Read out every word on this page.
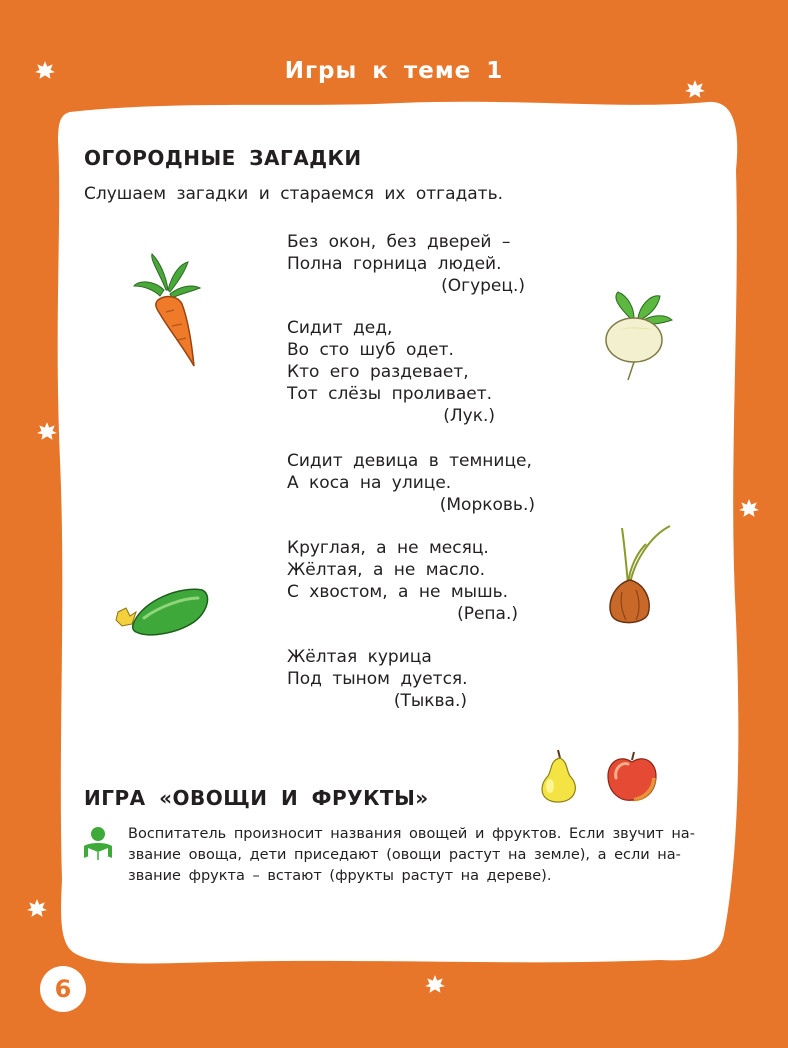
Игры к теме 1
ОГОРОДНЫЕ ЗАГАДКИ
Слушаем загадки и стараемся их отгадать.
Без окон, без дверей –
Полна горница людей.
(Огурец.)
Сидит дед,
Во сто шуб одет.
Кто его раздевает,
Тот слёзы проливает.
(Лук.)
Сидит девица в темнице,
А коса на улице.
(Морковь.)
Круглая, а не месяц.
Жёлтая, а не масло.
С хвостом, а не мышь.
(Репа.)
Жёлтая курица
Под тыном дуется.
(Тыква.)
ИГРА «ОВОЩИ И ФРУКТЫ»
Воспитатель произносит названия овощей и фруктов. Если звучит на-
звание овоща, дети приседают (овощи растут на земле), а если на-
звание фрукта – встают (фрукты растут на дереве).
6
